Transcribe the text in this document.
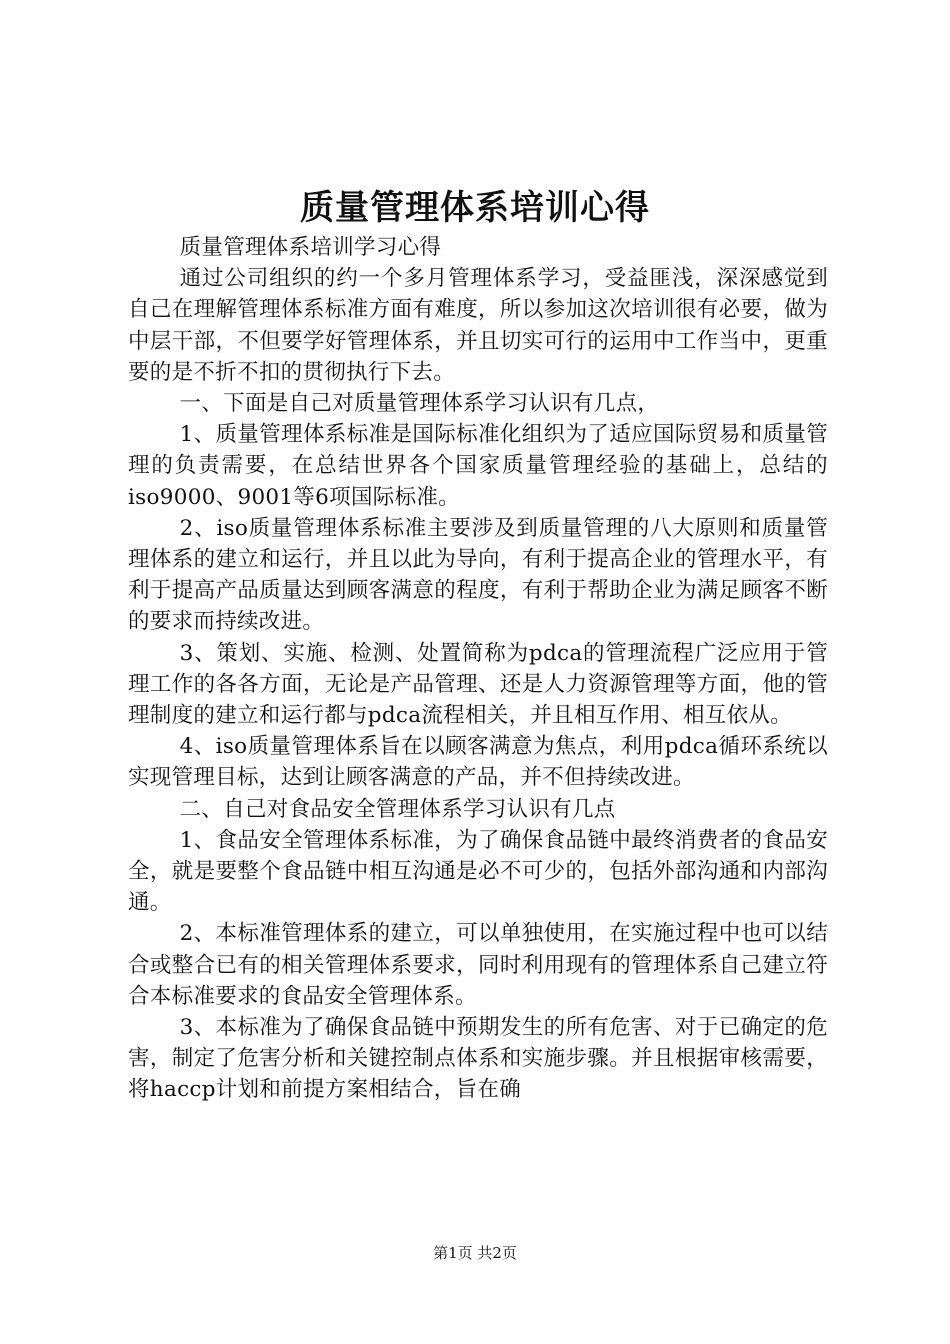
质量管理体系培训心得

质量管理体系培训学习心得

通过公司组织的约一个多月管理体系学习，受益匪浅，深深感觉到自己在理解管理体系标准方面有难度，所以参加这次培训很有必要，做为中层干部，不但要学好管理体系，并且切实可行的运用中工作当中，更重要的是不折不扣的贯彻执行下去。

一、下面是自己对质量管理体系学习认识有几点，

1、质量管理体系标准是国际标准化组织为了适应国际贸易和质量管理的负责需要，在总结世界各个国家质量管理经验的基础上，总结的iso9000、9001等6项国际标准。

2、iso质量管理体系标准主要涉及到质量管理的八大原则和质量管理体系的建立和运行，并且以此为导向，有利于提高企业的管理水平，有利于提高产品质量达到顾客满意的程度，有利于帮助企业为满足顾客不断的要求而持续改进。

3、策划、实施、检测、处置简称为pdca的管理流程广泛应用于管理工作的各各方面，无论是产品管理、还是人力资源管理等方面，他的管理制度的建立和运行都与pdca流程相关，并且相互作用、相互依从。

4、iso质量管理体系旨在以顾客满意为焦点，利用pdca循环系统以实现管理目标，达到让顾客满意的产品，并不但持续改进。

二、自己对食品安全管理体系学习认识有几点

1、食品安全管理体系标准，为了确保食品链中最终消费者的食品安全，就是要整个食品链中相互沟通是必不可少的，包括外部沟通和内部沟通。

2、本标准管理体系的建立，可以单独使用，在实施过程中也可以结合或整合已有的相关管理体系要求，同时利用现有的管理体系自己建立符合本标准要求的食品安全管理体系。

3、本标准为了确保食品链中预期发生的所有危害、对于已确定的危害，制定了危害分析和关键控制点体系和实施步骤。并且根据审核需要，将haccp计划和前提方案相结合，旨在确

第1页 共2页
